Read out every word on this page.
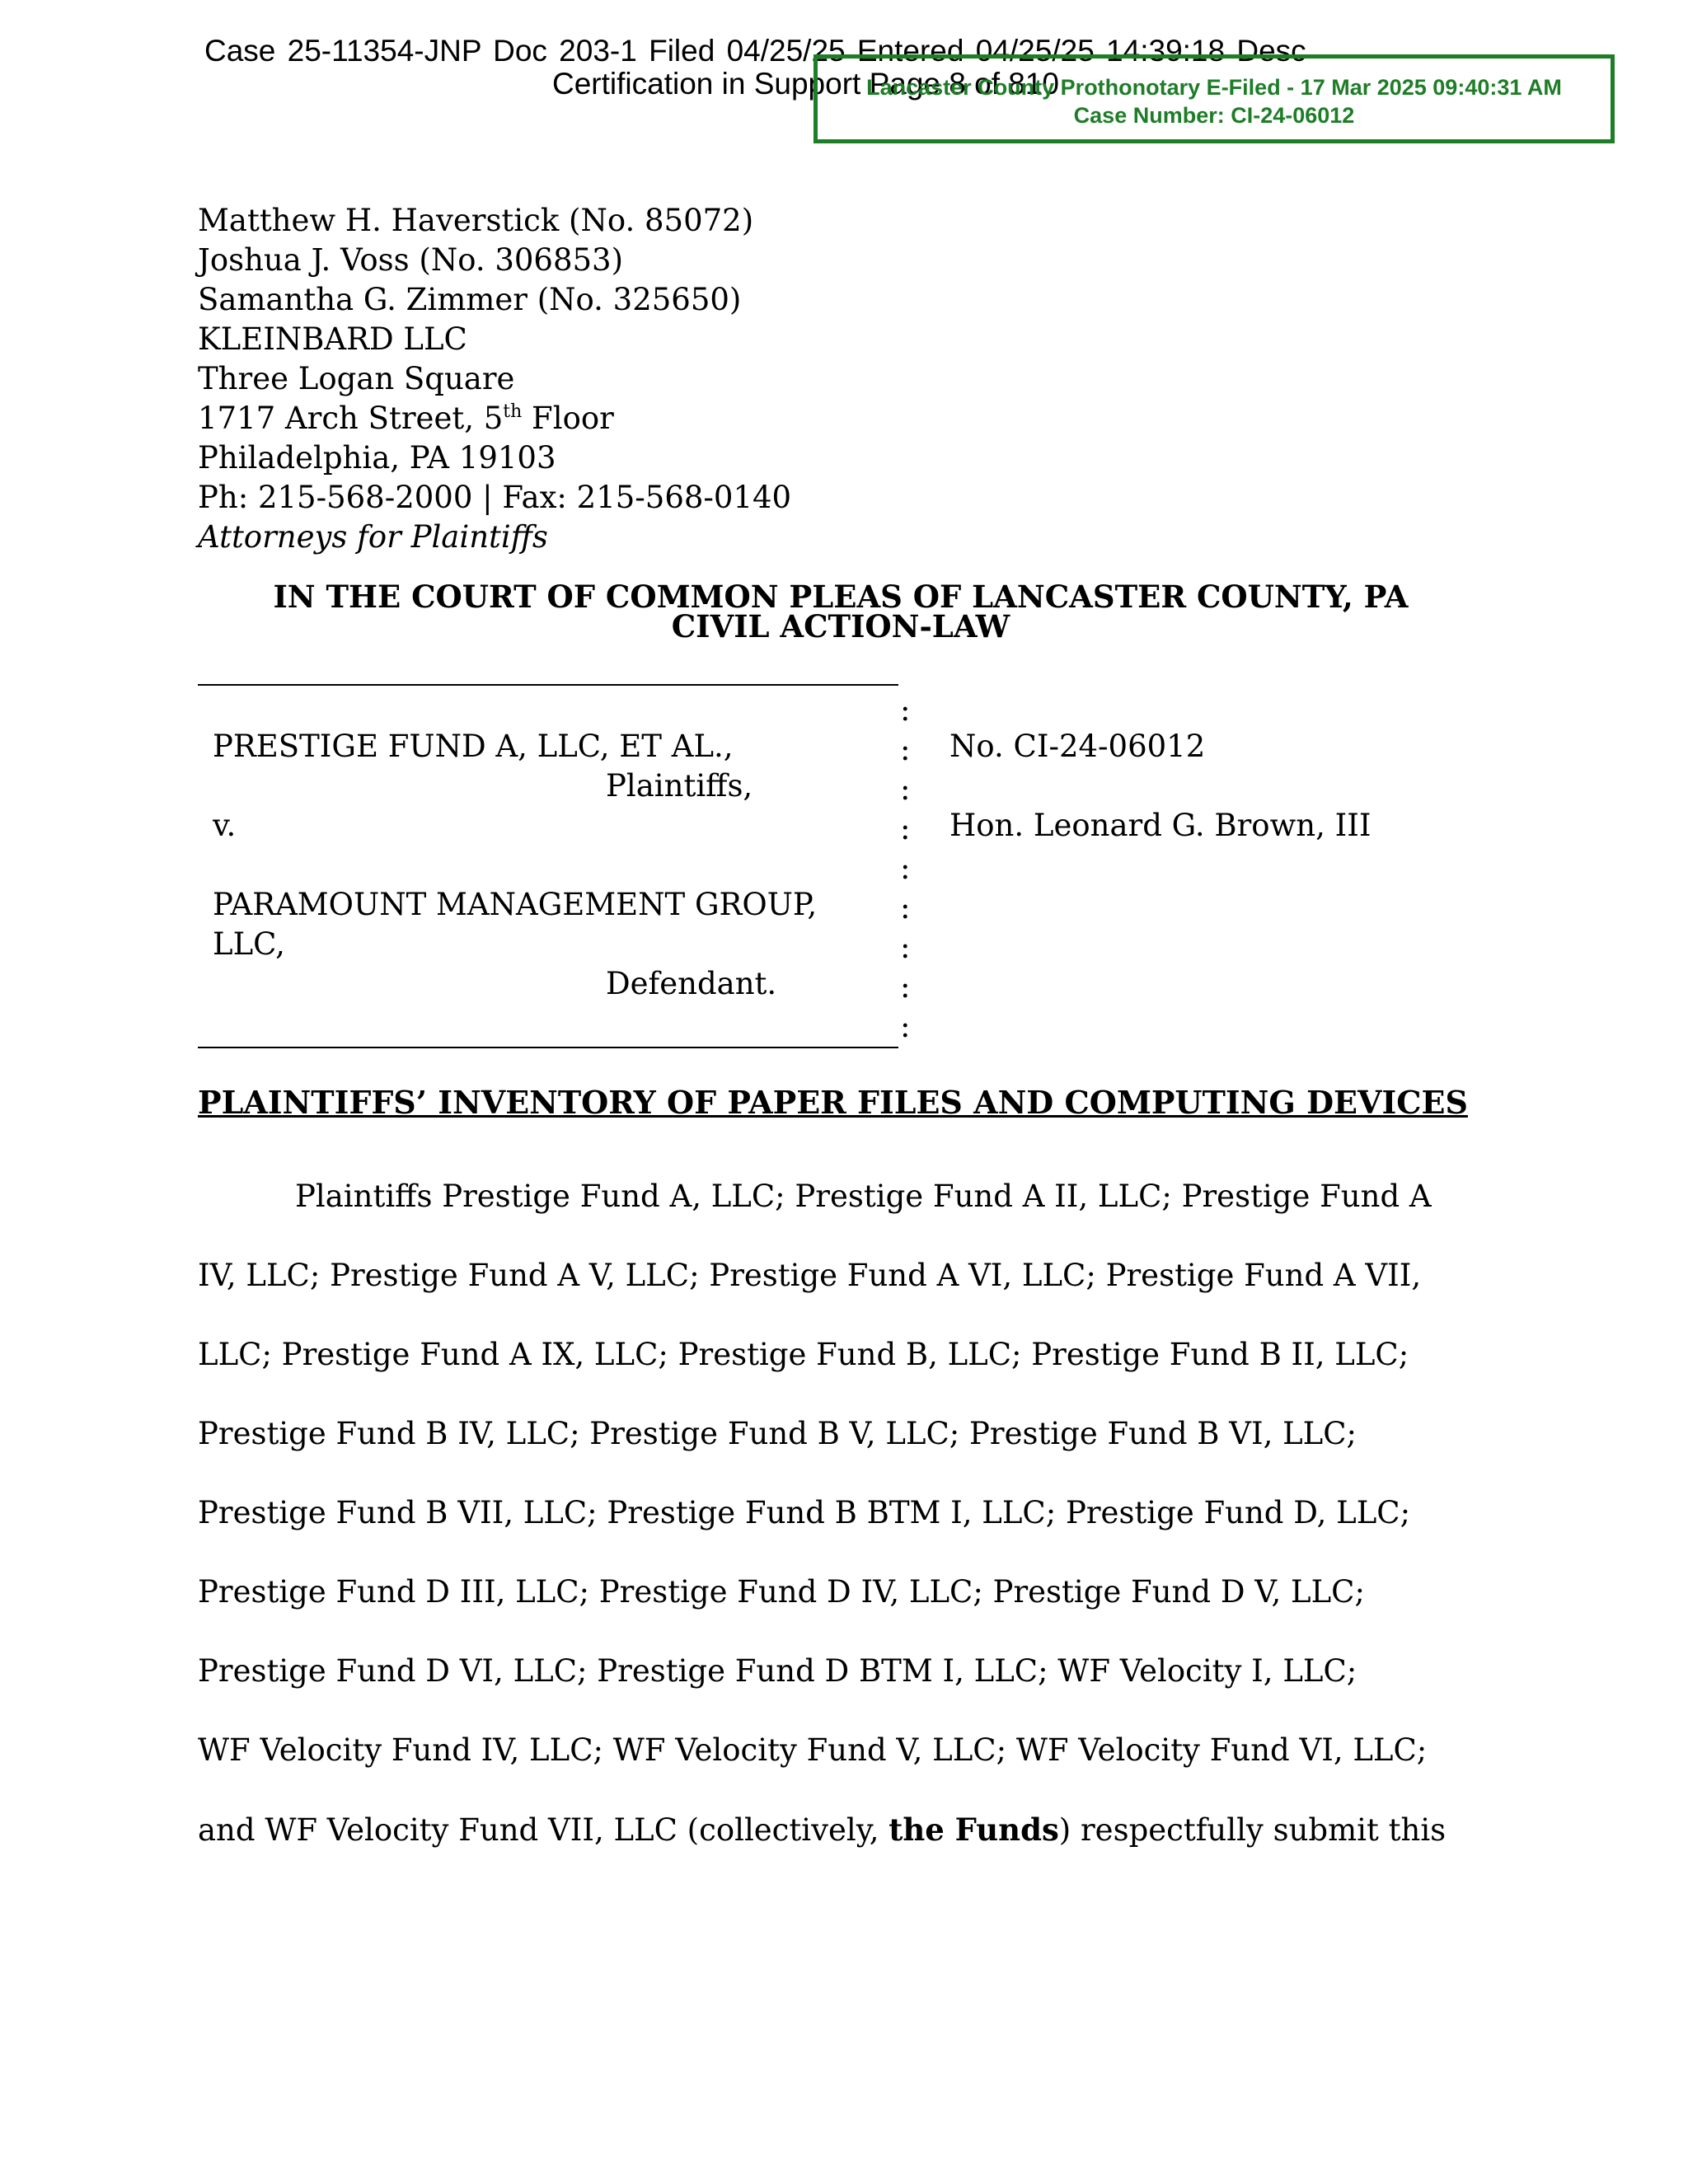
Case 25-11354-JNP Doc 203-1 Filed 04/25/25 Entered 04/25/25 14:39:18 Desc
Certification in Support Page 8 of 810
Lancaster County Prothonotary E-Filed - 17 Mar 2025 09:40:31 AM
Case Number: CI-24-06012
Matthew H. Haverstick (No. 85072)
Joshua J. Voss (No. 306853)
Samantha G. Zimmer (No. 325650)
KLEINBARD LLC
Three Logan Square
1717 Arch Street, 5th Floor
Philadelphia, PA 19103
Ph: 215-568-2000 | Fax: 215-568-0140
Attorneys for Plaintiffs
IN THE COURT OF COMMON PLEAS OF LANCASTER COUNTY, PA
CIVIL ACTION-LAW
:
:
:
:
:
:
:
:
:
PRESTIGE FUND A, LLC, ET AL.,
Plaintiffs,
v.
PARAMOUNT MANAGEMENT GROUP,
LLC,
Defendant.
No. CI-24-06012
Hon. Leonard G. Brown, III
PLAINTIFFS’ INVENTORY OF PAPER FILES AND COMPUTING DEVICES
Plaintiffs Prestige Fund A, LLC; Prestige Fund A II, LLC; Prestige Fund A
IV, LLC; Prestige Fund A V, LLC; Prestige Fund A VI, LLC; Prestige Fund A VII,
LLC; Prestige Fund A IX, LLC; Prestige Fund B, LLC; Prestige Fund B II, LLC;
Prestige Fund B IV, LLC; Prestige Fund B V, LLC; Prestige Fund B VI, LLC;
Prestige Fund B VII, LLC; Prestige Fund B BTM I, LLC; Prestige Fund D, LLC;
Prestige Fund D III, LLC; Prestige Fund D IV, LLC; Prestige Fund D V, LLC;
Prestige Fund D VI, LLC; Prestige Fund D BTM I, LLC; WF Velocity I, LLC;
WF Velocity Fund IV, LLC; WF Velocity Fund V, LLC; WF Velocity Fund VI, LLC;
and WF Velocity Fund VII, LLC (collectively, the Funds) respectfully submit this
